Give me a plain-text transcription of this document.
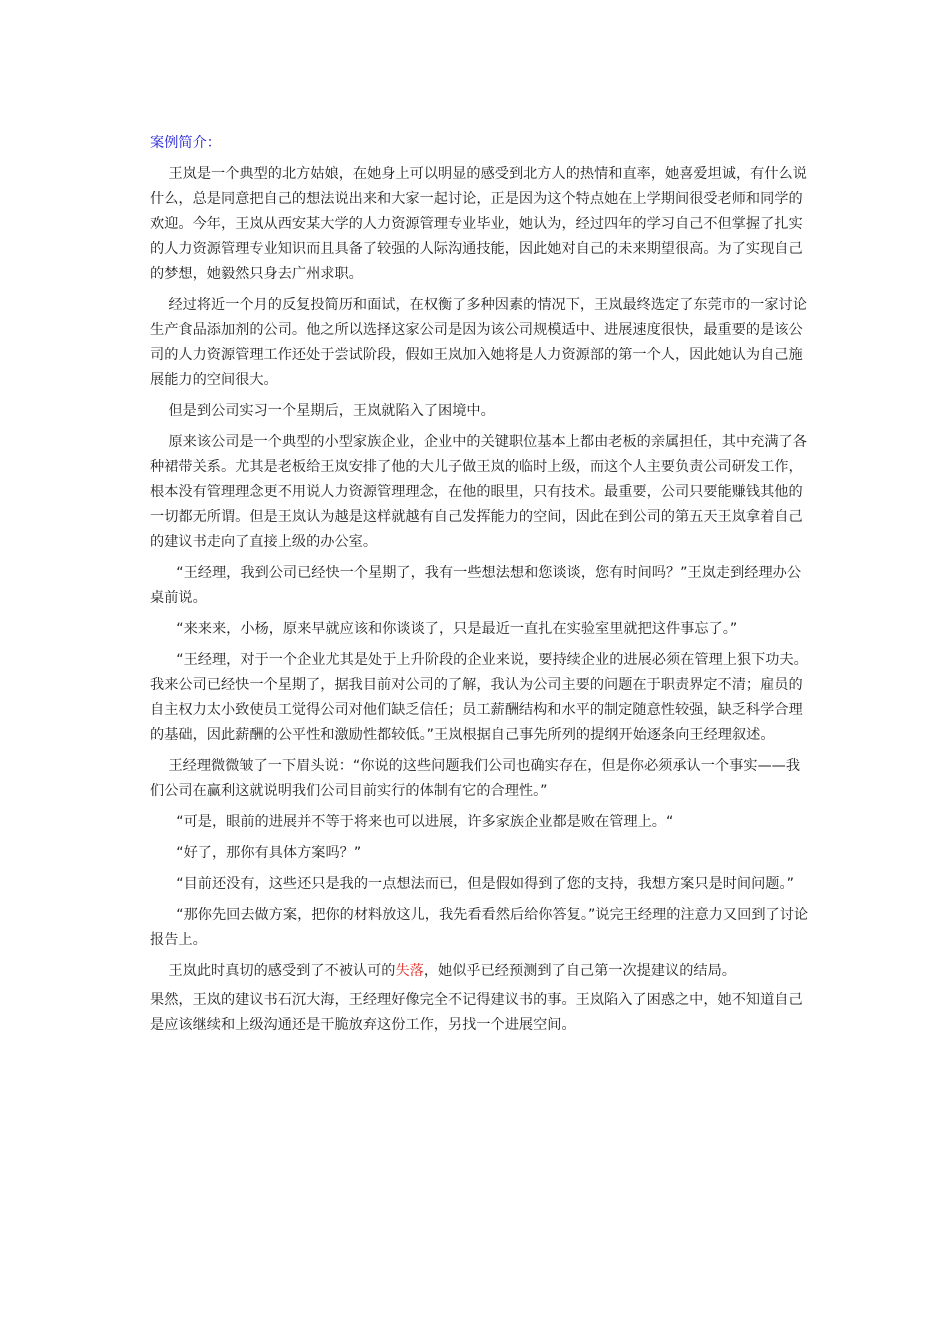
案例简介：
王岚是一个典型的北方姑娘，在她身上可以明显的感受到北方人的热情和直率，她喜爱坦诚，有什么说什么，总是同意把自己的想法说出来和大家一起讨论，正是因为这个特点她在上学期间很受老师和同学的欢迎。今年，王岚从西安某大学的人力资源管理专业毕业，她认为，经过四年的学习自己不但掌握了扎实的人力资源管理专业知识而且具备了较强的人际沟通技能，因此她对自己的未来期望很高。为了实现自己的梦想，她毅然只身去广州求职。
经过将近一个月的反复投简历和面试，在权衡了多种因素的情况下，王岚最终选定了东莞市的一家讨论生产食品添加剂的公司。他之所以选择这家公司是因为该公司规模适中、进展速度很快，最重要的是该公司的人力资源管理工作还处于尝试阶段，假如王岚加入她将是人力资源部的第一个人，因此她认为自己施展能力的空间很大。
但是到公司实习一个星期后，王岚就陷入了困境中。
原来该公司是一个典型的小型家族企业，企业中的关键职位基本上都由老板的亲属担任，其中充满了各种裙带关系。尤其是老板给王岚安排了他的大儿子做王岚的临时上级，而这个人主要负责公司研发工作，根本没有管理理念更不用说人力资源管理理念，在他的眼里，只有技术。最重要，公司只要能赚钱其他的一切都无所谓。但是王岚认为越是这样就越有自己发挥能力的空间，因此在到公司的第五天王岚拿着自己的建议书走向了直接上级的办公室。
“王经理，我到公司已经快一个星期了，我有一些想法想和您谈谈，您有时间吗？”王岚走到经理办公桌前说。
“来来来，小杨，原来早就应该和你谈谈了，只是最近一直扎在实验室里就把这件事忘了。”
“王经理，对于一个企业尤其是处于上升阶段的企业来说，要持续企业的进展必须在管理上狠下功夫。我来公司已经快一个星期了，据我目前对公司的了解，我认为公司主要的问题在于职责界定不清；雇员的自主权力太小致使员工觉得公司对他们缺乏信任；员工薪酬结构和水平的制定随意性较强，缺乏科学合理的基础，因此薪酬的公平性和激励性都较低。”王岚根据自己事先所列的提纲开始逐条向王经理叙述。
王经理微微皱了一下眉头说：“你说的这些问题我们公司也确实存在，但是你必须承认一个事实——我们公司在赢利这就说明我们公司目前实行的体制有它的合理性。”
“可是，眼前的进展并不等于将来也可以进展，许多家族企业都是败在管理上。“
“好了，那你有具体方案吗？”
“目前还没有，这些还只是我的一点想法而已，但是假如得到了您的支持，我想方案只是时间问题。”
“那你先回去做方案，把你的材料放这儿，我先看看然后给你答复。”说完王经理的注意力又回到了讨论报告上。
王岚此时真切的感受到了不被认可的失落，她似乎已经预测到了自己第一次提建议的结局。
果然，王岚的建议书石沉大海，王经理好像完全不记得建议书的事。王岚陷入了困惑之中，她不知道自己是应该继续和上级沟通还是干脆放弃这份工作，另找一个进展空间。
